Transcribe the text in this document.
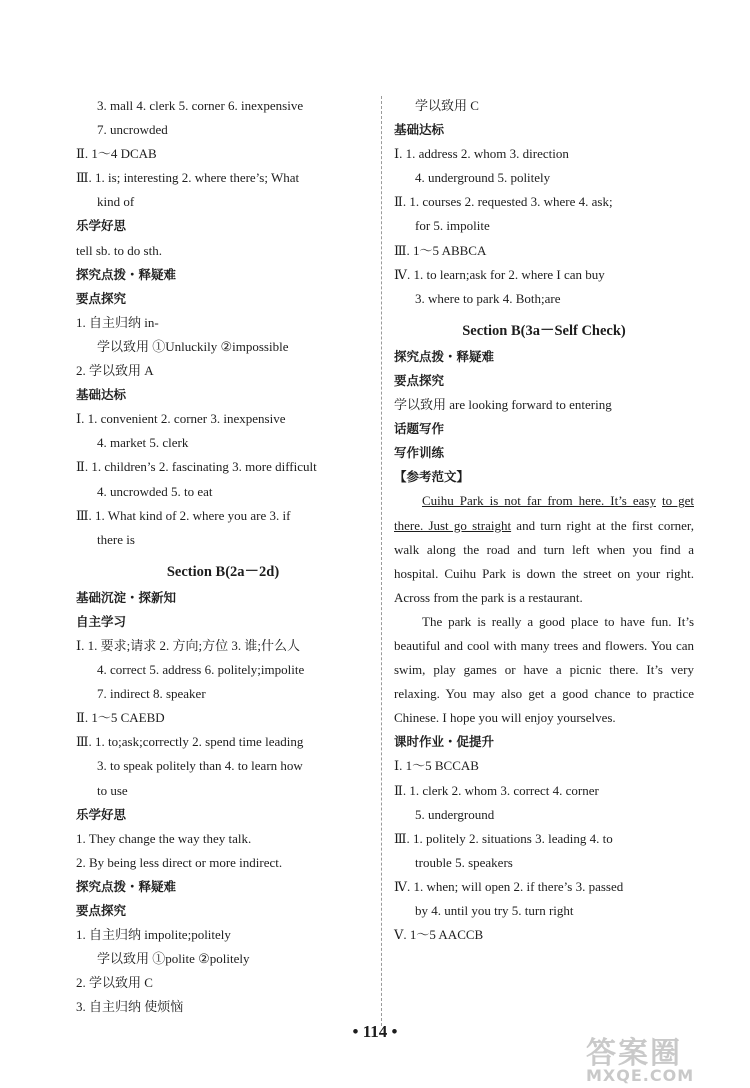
3. mall 4. clerk 5. corner 6. inexpensive
7. uncrowded
Ⅱ. 1～4 DCAB
Ⅲ. 1. is; interesting 2. where there’s; What
kind of
乐学好思
tell sb. to do sth.
探究点拨・释疑难
要点探究
1. 自主归纳 in-
学以致用 ①Unluckily ②impossible
2. 学以致用 A
基础达标
Ⅰ. 1. convenient 2. corner 3. inexpensive
4. market 5. clerk
Ⅱ. 1. children’s 2. fascinating 3. more difficult
4. uncrowded 5. to eat
Ⅲ. 1. What kind of 2. where you are 3. if
there is
Section B(2a－2d)
基础沉淀・探新知
自主学习
Ⅰ. 1. 要求;请求 2. 方向;方位 3. 谁;什么人
4. correct 5. address 6. politely;impolite
7. indirect 8. speaker
Ⅱ. 1～5 CAEBD
Ⅲ. 1. to;ask;correctly 2. spend time leading
3. to speak politely than 4. to learn how
to use
乐学好思
1. They change the way they talk.
2. By being less direct or more indirect.
探究点拨・释疑难
要点探究
1. 自主归纳 impolite;politely
学以致用 ①polite ②politely
2. 学以致用 C
3. 自主归纳 使烦恼
学以致用 C
基础达标
Ⅰ. 1. address 2. whom 3. direction
4. underground 5. politely
Ⅱ. 1. courses 2. requested 3. where 4. ask;
for 5. impolite
Ⅲ. 1～5 ABBCA
Ⅳ. 1. to learn;ask for 2. where I can buy
3. where to park 4. Both;are
Section B(3a－Self Check)
探究点拨・释疑难
要点探究
学以致用 are looking forward to entering
话题写作
写作训练
【参考范文】

Cuihu Park is not far from here. It’s easy to get there. Just go straight and turn right at the first corner, walk along the road and turn left when you find a hospital. Cuihu Park is down the street on your right. Across from the park is a restaurant.

The park is really a good place to have fun. It’s beautiful and cool with many trees and flowers. You can swim, play games or have a picnic there. It’s very relaxing. You may also get a good chance to practice Chinese. I hope you will enjoy yourselves.

课时作业・促提升
Ⅰ. 1～5 BCCAB
Ⅱ. 1. clerk 2. whom 3. correct 4. corner
5. underground
Ⅲ. 1. politely 2. situations 3. leading 4. to
trouble 5. speakers
Ⅳ. 1. when; will open 2. if there’s 3. passed
by 4. until you try 5. turn right
Ⅴ. 1～5 AACCB
• 114 •
答案圈
MXQE.COM
